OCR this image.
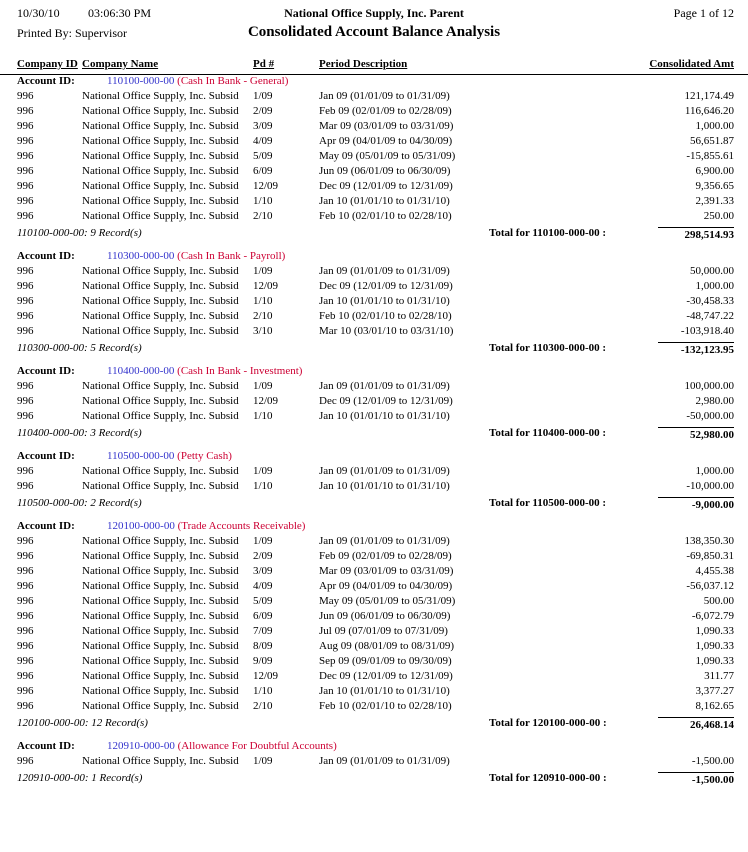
10/30/10 03:06:30 PM	National Office Supply, Inc. Parent	Page 1 of 12
Printed By: Supervisor	Consolidated Account Balance Analysis
Company ID Company Name	Pd #	Period Description	Consolidated Amt
Account ID:	110100-000-00 (Cash In Bank - General)
996	National Office Supply, Inc. Subsid 1/09	Jan 09 (01/01/09 to 01/31/09)	121,174.49
996	National Office Supply, Inc. Subsid 2/09	Feb 09 (02/01/09 to 02/28/09)	116,646.20
996	National Office Supply, Inc. Subsid 3/09	Mar 09 (03/01/09 to 03/31/09)	1,000.00
996	National Office Supply, Inc. Subsid 4/09	Apr 09 (04/01/09 to 04/30/09)	56,651.87
996	National Office Supply, Inc. Subsid 5/09	May 09 (05/01/09 to 05/31/09)	-15,855.61
996	National Office Supply, Inc. Subsid 6/09	Jun 09 (06/01/09 to 06/30/09)	6,900.00
996	National Office Supply, Inc. Subsid 12/09	Dec 09 (12/01/09 to 12/31/09)	9,356.65
996	National Office Supply, Inc. Subsid 1/10	Jan 10 (01/01/10 to 01/31/10)	2,391.33
996	National Office Supply, Inc. Subsid 2/10	Feb 10 (02/01/10 to 02/28/10)	250.00
110100-000-00: 9 Record(s)	Total for 110100-000-00 :	298,514.93
Account ID:	110300-000-00 (Cash In Bank - Payroll)
996	National Office Supply, Inc. Subsid 1/09	Jan 09 (01/01/09 to 01/31/09)	50,000.00
996	National Office Supply, Inc. Subsid 12/09	Dec 09 (12/01/09 to 12/31/09)	1,000.00
996	National Office Supply, Inc. Subsid 1/10	Jan 10 (01/01/10 to 01/31/10)	-30,458.33
996	National Office Supply, Inc. Subsid 2/10	Feb 10 (02/01/10 to 02/28/10)	-48,747.22
996	National Office Supply, Inc. Subsid 3/10	Mar 10 (03/01/10 to 03/31/10)	-103,918.40
110300-000-00: 5 Record(s)	Total for 110300-000-00 :	-132,123.95
Account ID:	110400-000-00 (Cash In Bank - Investment)
996	National Office Supply, Inc. Subsid 1/09	Jan 09 (01/01/09 to 01/31/09)	100,000.00
996	National Office Supply, Inc. Subsid 12/09	Dec 09 (12/01/09 to 12/31/09)	2,980.00
996	National Office Supply, Inc. Subsid 1/10	Jan 10 (01/01/10 to 01/31/10)	-50,000.00
110400-000-00: 3 Record(s)	Total for 110400-000-00 :	52,980.00
Account ID:	110500-000-00 (Petty Cash)
996	National Office Supply, Inc. Subsid 1/09	Jan 09 (01/01/09 to 01/31/09)	1,000.00
996	National Office Supply, Inc. Subsid 1/10	Jan 10 (01/01/10 to 01/31/10)	-10,000.00
110500-000-00: 2 Record(s)	Total for 110500-000-00 :	-9,000.00
Account ID:	120100-000-00 (Trade Accounts Receivable)
996	National Office Supply, Inc. Subsid 1/09	Jan 09 (01/01/09 to 01/31/09)	138,350.30
996	National Office Supply, Inc. Subsid 2/09	Feb 09 (02/01/09 to 02/28/09)	-69,850.31
996	National Office Supply, Inc. Subsid 3/09	Mar 09 (03/01/09 to 03/31/09)	4,455.38
996	National Office Supply, Inc. Subsid 4/09	Apr 09 (04/01/09 to 04/30/09)	-56,037.12
996	National Office Supply, Inc. Subsid 5/09	May 09 (05/01/09 to 05/31/09)	500.00
996	National Office Supply, Inc. Subsid 6/09	Jun 09 (06/01/09 to 06/30/09)	-6,072.79
996	National Office Supply, Inc. Subsid 7/09	Jul 09 (07/01/09 to 07/31/09)	1,090.33
996	National Office Supply, Inc. Subsid 8/09	Aug 09 (08/01/09 to 08/31/09)	1,090.33
996	National Office Supply, Inc. Subsid 9/09	Sep 09 (09/01/09 to 09/30/09)	1,090.33
996	National Office Supply, Inc. Subsid 12/09	Dec 09 (12/01/09 to 12/31/09)	311.77
996	National Office Supply, Inc. Subsid 1/10	Jan 10 (01/01/10 to 01/31/10)	3,377.27
996	National Office Supply, Inc. Subsid 2/10	Feb 10 (02/01/10 to 02/28/10)	8,162.65
120100-000-00: 12 Record(s)	Total for 120100-000-00 :	26,468.14
Account ID:	120910-000-00 (Allowance For Doubtful Accounts)
996	National Office Supply, Inc. Subsid 1/09	Jan 09 (01/01/09 to 01/31/09)	-1,500.00
120910-000-00: 1 Record(s)	Total for 120910-000-00 :	-1,500.00
